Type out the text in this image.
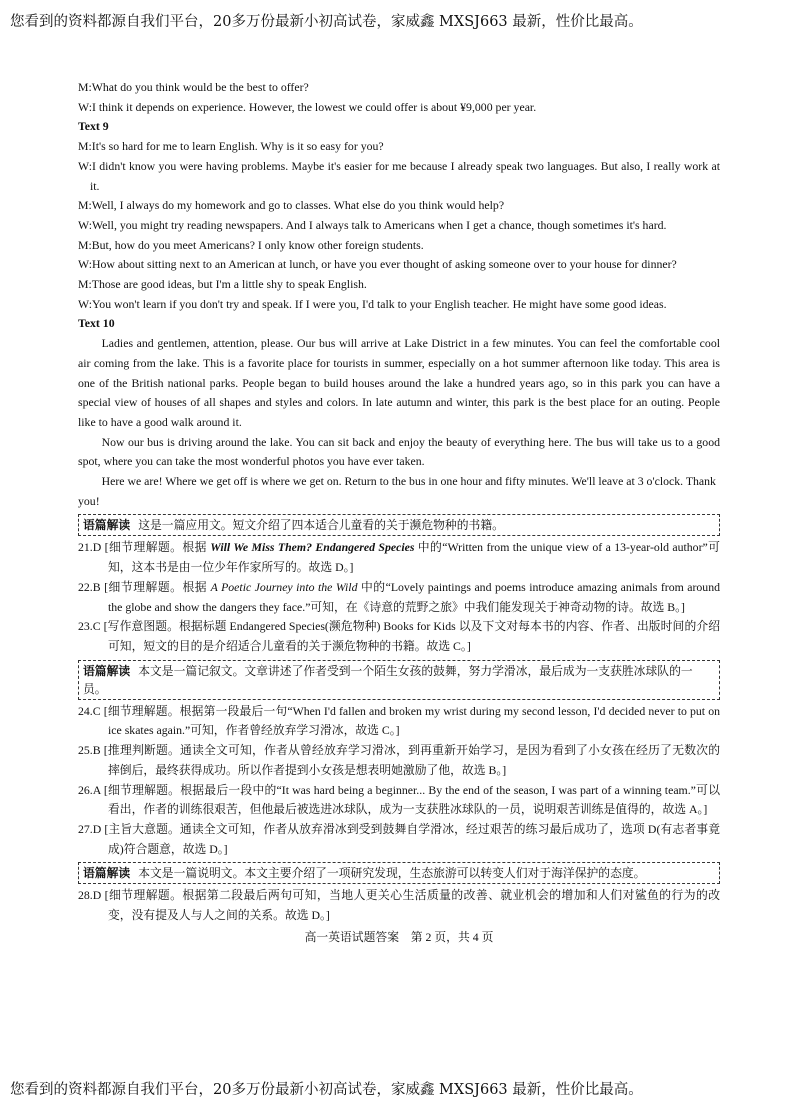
您看到的资料都源自我们平台，20多万份最新小初高试卷，家威鑫 MXSJ663 最新，性价比最高。

M:What do you think would be the best to offer?

W:I think it depends on experience. However, the lowest we could offer is about ¥9,000 per year.

Text 9

M:It's so hard for me to learn English. Why is it so easy for you?

W:I didn't know you were having problems. Maybe it's easier for me because I already speak two languages. But also, I really work at it.

M:Well, I always do my homework and go to classes. What else do you think would help?

W:Well, you might try reading newspapers. And I always talk to Americans when I get a chance, though sometimes it's hard.

M:But, how do you meet Americans? I only know other foreign students.

W:How about sitting next to an American at lunch, or have you ever thought of asking someone over to your house for dinner?

M:Those are good ideas, but I'm a little shy to speak English.

W:You won't learn if you don't try and speak. If I were you, I'd talk to your English teacher. He might have some good ideas.

Text 10

Ladies and gentlemen, attention, please. Our bus will arrive at Lake District in a few minutes. You can feel the comfortable cool air coming from the lake. This is a favorite place for tourists in summer, especially on a hot summer afternoon like today. This area is one of the British national parks. People began to build houses around the lake a hundred years ago, so in this park you can have a special view of houses of all shapes and styles and colors. In late autumn and winter, this park is the best place for an outing. People like to have a good walk around it.

Now our bus is driving around the lake. You can sit back and enjoy the beauty of everything here. The bus will take us to a good spot, where you can take the most wonderful photos you have ever taken.

Here we are! Where we get off is where we get on. Return to the bus in one hour and fifty minutes. We'll leave at 3 o'clock. Thank you!

语篇解读 这是一篇应用文。短文介绍了四本适合儿童看的关于濒危物种的书籍。

21.D [细节理解题。根据 Will We Miss Them? Endangered Species 中的“Written from the unique view of a 13-year-old author”可知，这本书是由一位少年作家所写的。故选 D。]

22.B [细节理解题。根据 A Poetic Journey into the Wild 中的“Lovely paintings and poems introduce amazing animals from around the globe and show the dangers they face.”可知，在《诗意的荒野之旅》中我们能发现关于神奇动物的诗。故选 B。]

23.C [写作意图题。根据标题 Endangered Species(濒危物种) Books for Kids 以及下文对每本书的内容、作者、出版时间的介绍可知，短文的目的是介绍适合儿童看的关于濒危物种的书籍。故选 C。]

语篇解读 本文是一篇记叙文。文章讲述了作者受到一个陌生女孩的鼓舞，努力学滑冰，最后成为一支获胜冰球队的一员。

24.C [细节理解题。根据第一段最后一句“When I'd fallen and broken my wrist during my second lesson, I'd decided never to put on ice skates again.”可知，作者曾经放弃学习滑冰，故选 C。]

25.B [推理判断题。通读全文可知，作者从曾经放弃学习滑冰，到再重新开始学习，是因为看到了小女孩在经历了无数次的摔倒后，最终获得成功。所以作者提到小女孩是想表明她激励了他，故选 B。]

26.A [细节理解题。根据最后一段中的“It was hard being a beginner... By the end of the season, I was part of a winning team.”可以看出，作者的训练很艰苦，但他最后被选进冰球队，成为一支获胜冰球队的一员，说明艰苦训练是值得的，故选 A。]

27.D [主旨大意题。通读全文可知，作者从放弃滑冰到受到鼓舞自学滑冰，经过艰苦的练习最后成功了，选项 D(有志者事竟成)符合题意，故选 D。]

语篇解读 本文是一篇说明文。本文主要介绍了一项研究发现，生态旅游可以转变人们对于海洋保护的态度。

28.D [细节理解题。根据第二段最后两句可知，当地人更关心生活质量的改善、就业机会的增加和人们对鲨鱼的行为的改变，没有提及人与人之间的关系。故选 D。]

高一英语试题答案　第 2 页，共 4 页
您看到的资料都源自我们平台，20多万份最新小初高试卷，家威鑫 MXSJ663 最新，性价比最高。
